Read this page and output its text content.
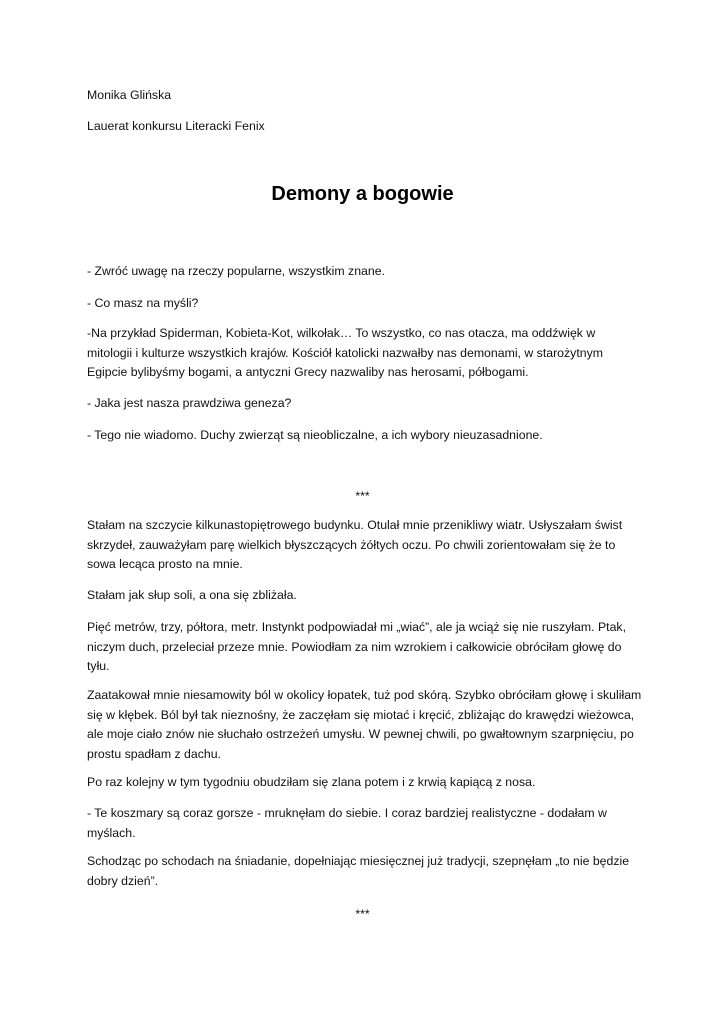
Monika Glińska
Lauerat konkursu Literacki Fenix
Demony a bogowie
- Zwróć uwagę na rzeczy popularne, wszystkim znane.
- Co masz na myśli?
-Na przykład Spiderman, Kobieta-Kot, wilkołak… To wszystko, co nas otacza, ma oddźwięk w mitologii i kulturze wszystkich krajów. Kościół katolicki nazwałby nas demonami, w starożytnym Egipcie bylibyśmy bogami, a antyczni Grecy nazwaliby nas herosami, półbogami.
- Jaka jest nasza prawdziwa geneza?
- Tego nie wiadomo. Duchy zwierząt są nieobliczalne, a ich wybory nieuzasadnione.
***
Stałam na szczycie kilkunastopiętrowego budynku. Otulał mnie przenikliwy wiatr. Usłyszałam świst skrzydeł, zauważyłam parę wielkich błyszczących żółtych oczu. Po chwili zorientowałam się że to sowa lecąca prosto na mnie.
Stałam jak słup soli, a ona się zbliżała.
Pięć metrów, trzy, półtora, metr. Instynkt podpowiadał mi „wiać”, ale ja wciąż się nie ruszyłam. Ptak, niczym duch, przeleciał przeze mnie. Powiodłam za nim wzrokiem i całkowicie obróciłam głowę do tyłu.
Zaatakował mnie niesamowity ból w okolicy łopatek, tuż pod skórą. Szybko obróciłam głowę i skuliłam się w kłębek. Ból był tak nieznośny, że zaczęłam się miotać i kręcić, zbliżając do krawędzi wieżowca, ale moje ciało znów nie słuchało ostrzeżeń umysłu. W pewnej chwili, po gwałtownym szarpnięciu, po prostu spadłam z dachu.
Po raz kolejny w tym tygodniu obudziłam się zlana potem i z krwią kapiącą z nosa.
- Te koszmary są coraz gorsze - mruknęłam do siebie. I coraz bardziej realistyczne - dodałam w myślach.
Schodząc po schodach na śniadanie, dopełniając miesięcznej już tradycji, szepnęłam „to nie będzie dobry dzień”.
***
